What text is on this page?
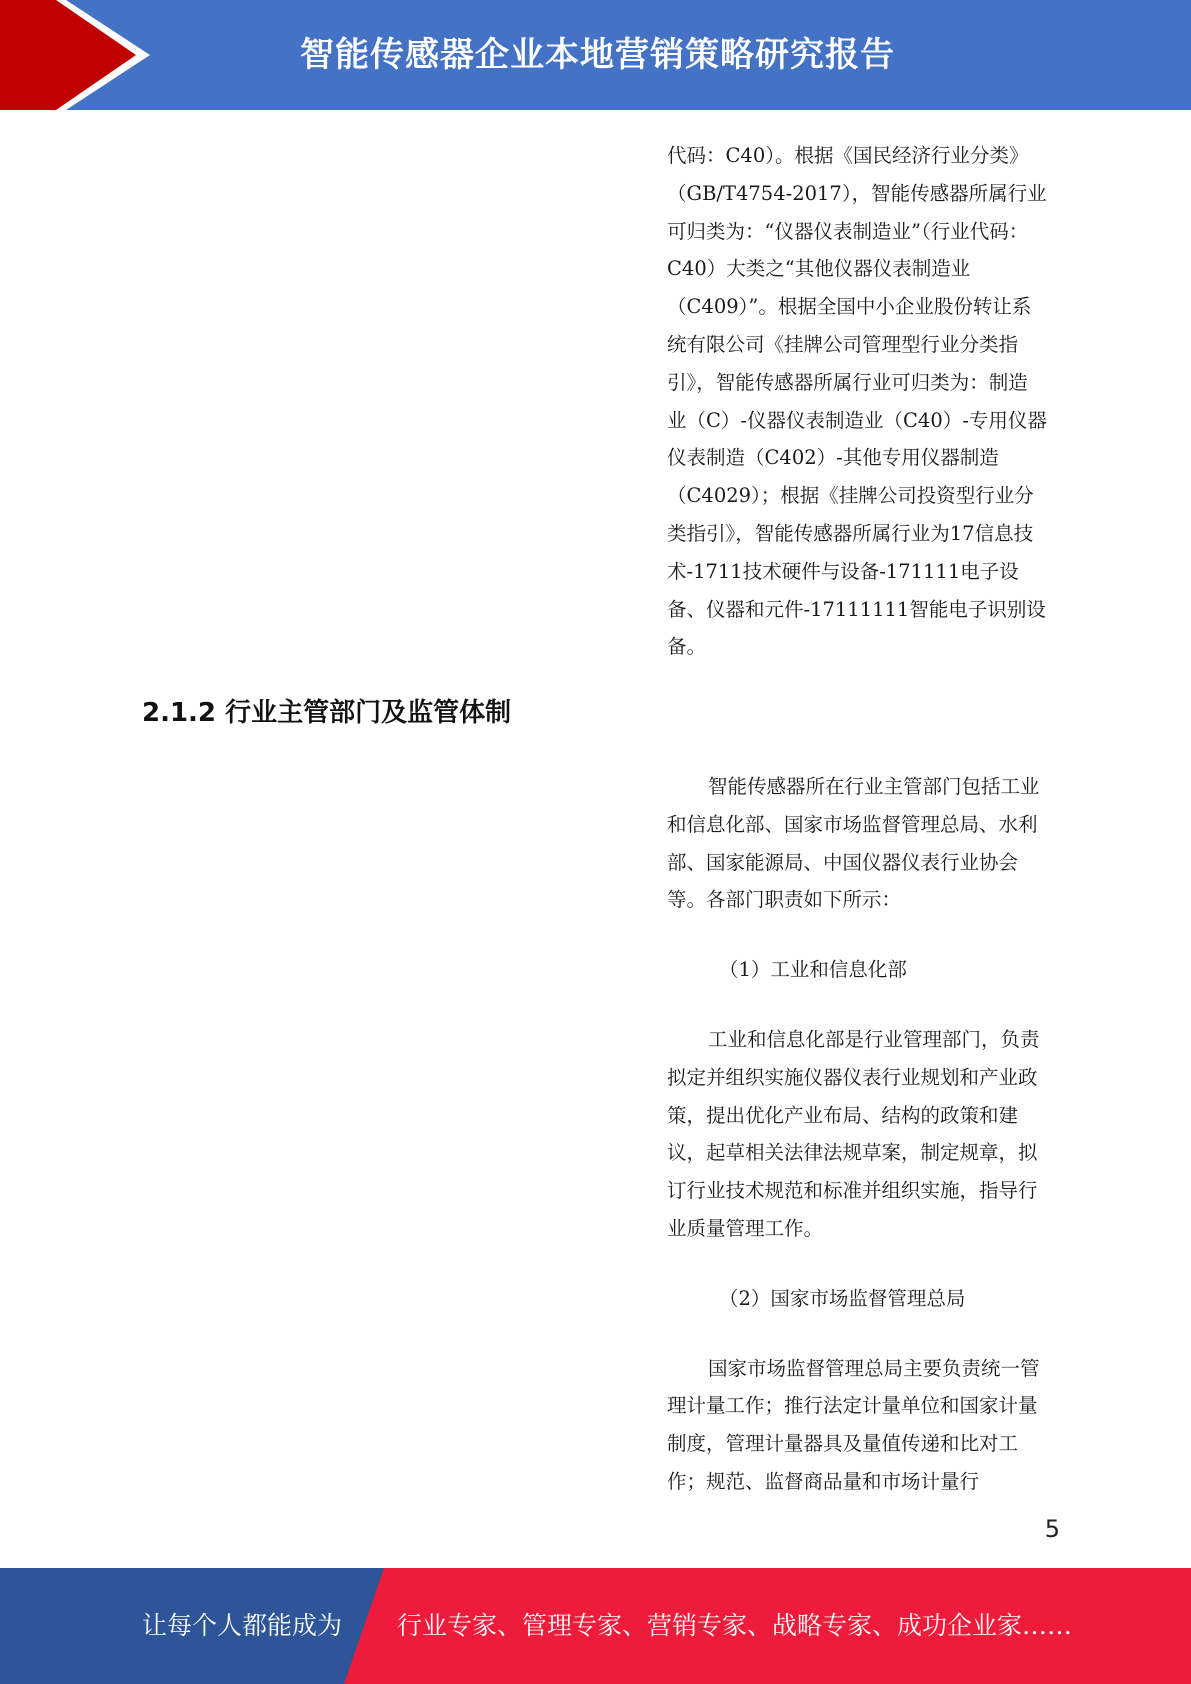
智能传感器企业本地营销策略研究报告

代码：C40）。根据《国民经济行业分类》（GB/T4754-2017），智能传感器所属行业可归类为：“仪器仪表制造业”（行业代码：C40）大类之“其他仪器仪表制造业（C409）”。根据全国中小企业股份转让系统有限公司《挂牌公司管理型行业分类指引》，智能传感器所属行业可归类为：制造业（C）-仪器仪表制造业（C40）-专用仪器仪表制造（C402）-其他专用仪器制造（C4029）；根据《挂牌公司投资型行业分类指引》，智能传感器所属行业为17信息技术-1711技术硬件与设备-171111电子设备、仪器和元件-17111111智能电子识别设备。

2.1.2 行业主管部门及监管体制

智能传感器所在行业主管部门包括工业和信息化部、国家市场监督管理总局、水利部、国家能源局、中国仪器仪表行业协会等。各部门职责如下所示：

（1）工业和信息化部

工业和信息化部是行业管理部门，负责拟定并组织实施仪器仪表行业规划和产业政策，提出优化产业布局、结构的政策和建议，起草相关法律法规草案，制定规章，拟订行业技术规范和标准并组织实施，指导行业质量管理工作。

（2）国家市场监督管理总局

国家市场监督管理总局主要负责统一管理计量工作；推行法定计量单位和国家计量制度，管理计量器具及量值传递和比对工作；规范、监督商品量和市场计量行

5
让每个人都能成为 行业专家、管理专家、营销专家、战略专家、成功企业家……
